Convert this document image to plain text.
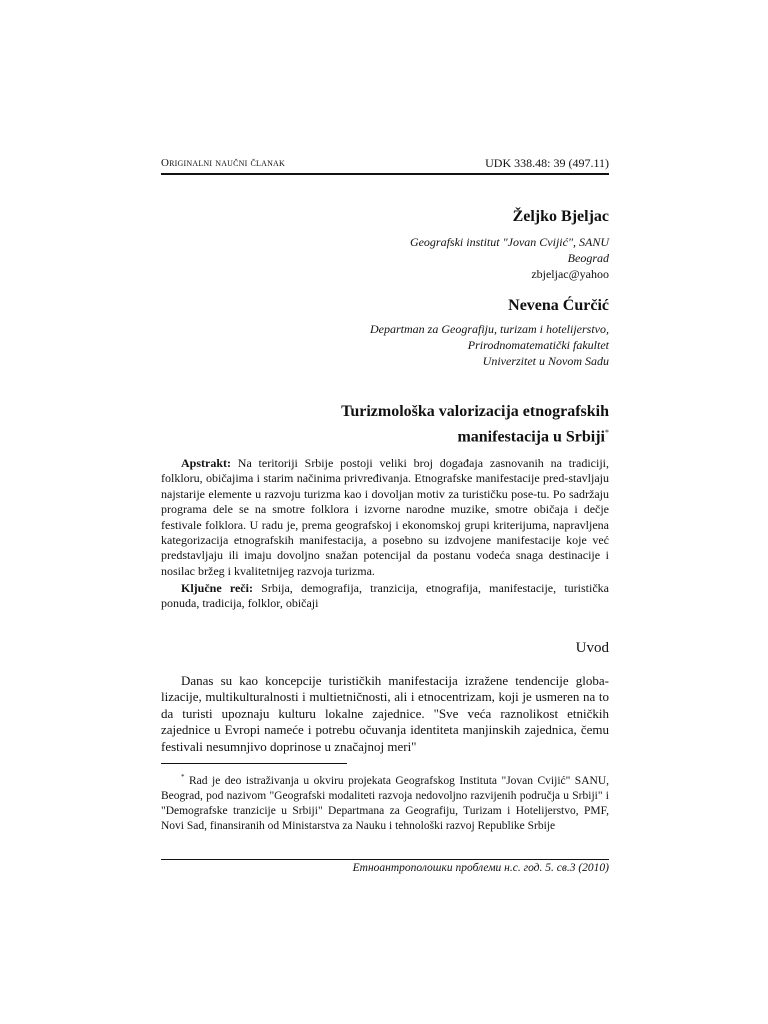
Originalni naučni članak	UDK 338.48: 39 (497.11)
Željko Bjeljac
Geografski institut "Jovan Cvijić", SANU
Beograd
zbjeljac@yahoo
Nevena Ćurčić
Departman za Geografiju, turizam i hotelijerstvo,
Prirodnomatematički fakultet
Univerzitet u Novom Sadu
Turizmološka valorizacija etnografskih
manifestacija u Srbiji*

Apstrakt: Na teritoriji Srbije postoji veliki broj događaja zasnovanih na tradiciji, folkloru, običajima i starim načinima privređivanja. Etnografske manifestacije pred-stavljaju najstarije elemente u razvoju turizma kao i dovoljan motiv za turističku pose-tu. Po sadržaju programa dele se na smotre folklora i izvorne narodne muzike, smotre običaja i dečje festivale folklora. U radu je, prema geografskoj i ekonomskoj grupi kriterijuma, napravljena kategorizacija etnografskih manifestacija, a posebno su izdvojene manifestacije koje već predstavljaju ili imaju dovoljno snažan potencijal da postanu vodeća snaga destinacije i nosilac bržeg i kvalitetnijeg razvoja turizma.

Ključne reči: Srbija, demografija, tranzicija, etnografija, manifestacije, turistička ponuda, tradicija, folklor, običaji

Uvod

Danas su kao koncepcije turističkih manifestacija izražene tendencije globa-lizacije, multikulturalnosti i multietničnosti, ali i etnocentrizam, koji je usmeren na to da turisti upoznaju kulturu lokalne zajednice. "Sve veća raznolikost etničkih zajednice u Evropi nameće i potrebu očuvanja identiteta manjinskih zajednica, čemu festivali nesumnjivo doprinose u značajnoj meri"

* Rad je deo istraživanja u okviru projekata Geografskog Instituta "Jovan Cvijić" SANU, Beograd, pod nazivom "Geografski modaliteti razvoja nedovoljno razvijenih područja u Srbiji" i "Demografske tranzicije u Srbiji" Departmana za Geografiju, Turizam i Hotelijerstvo, PMF, Novi Sad, finansiranih od Ministarstva za Nauku i tehnološki razvoj Republike Srbije

Етноантрополошки проблеми н.с. год. 5. св.3 (2010)
